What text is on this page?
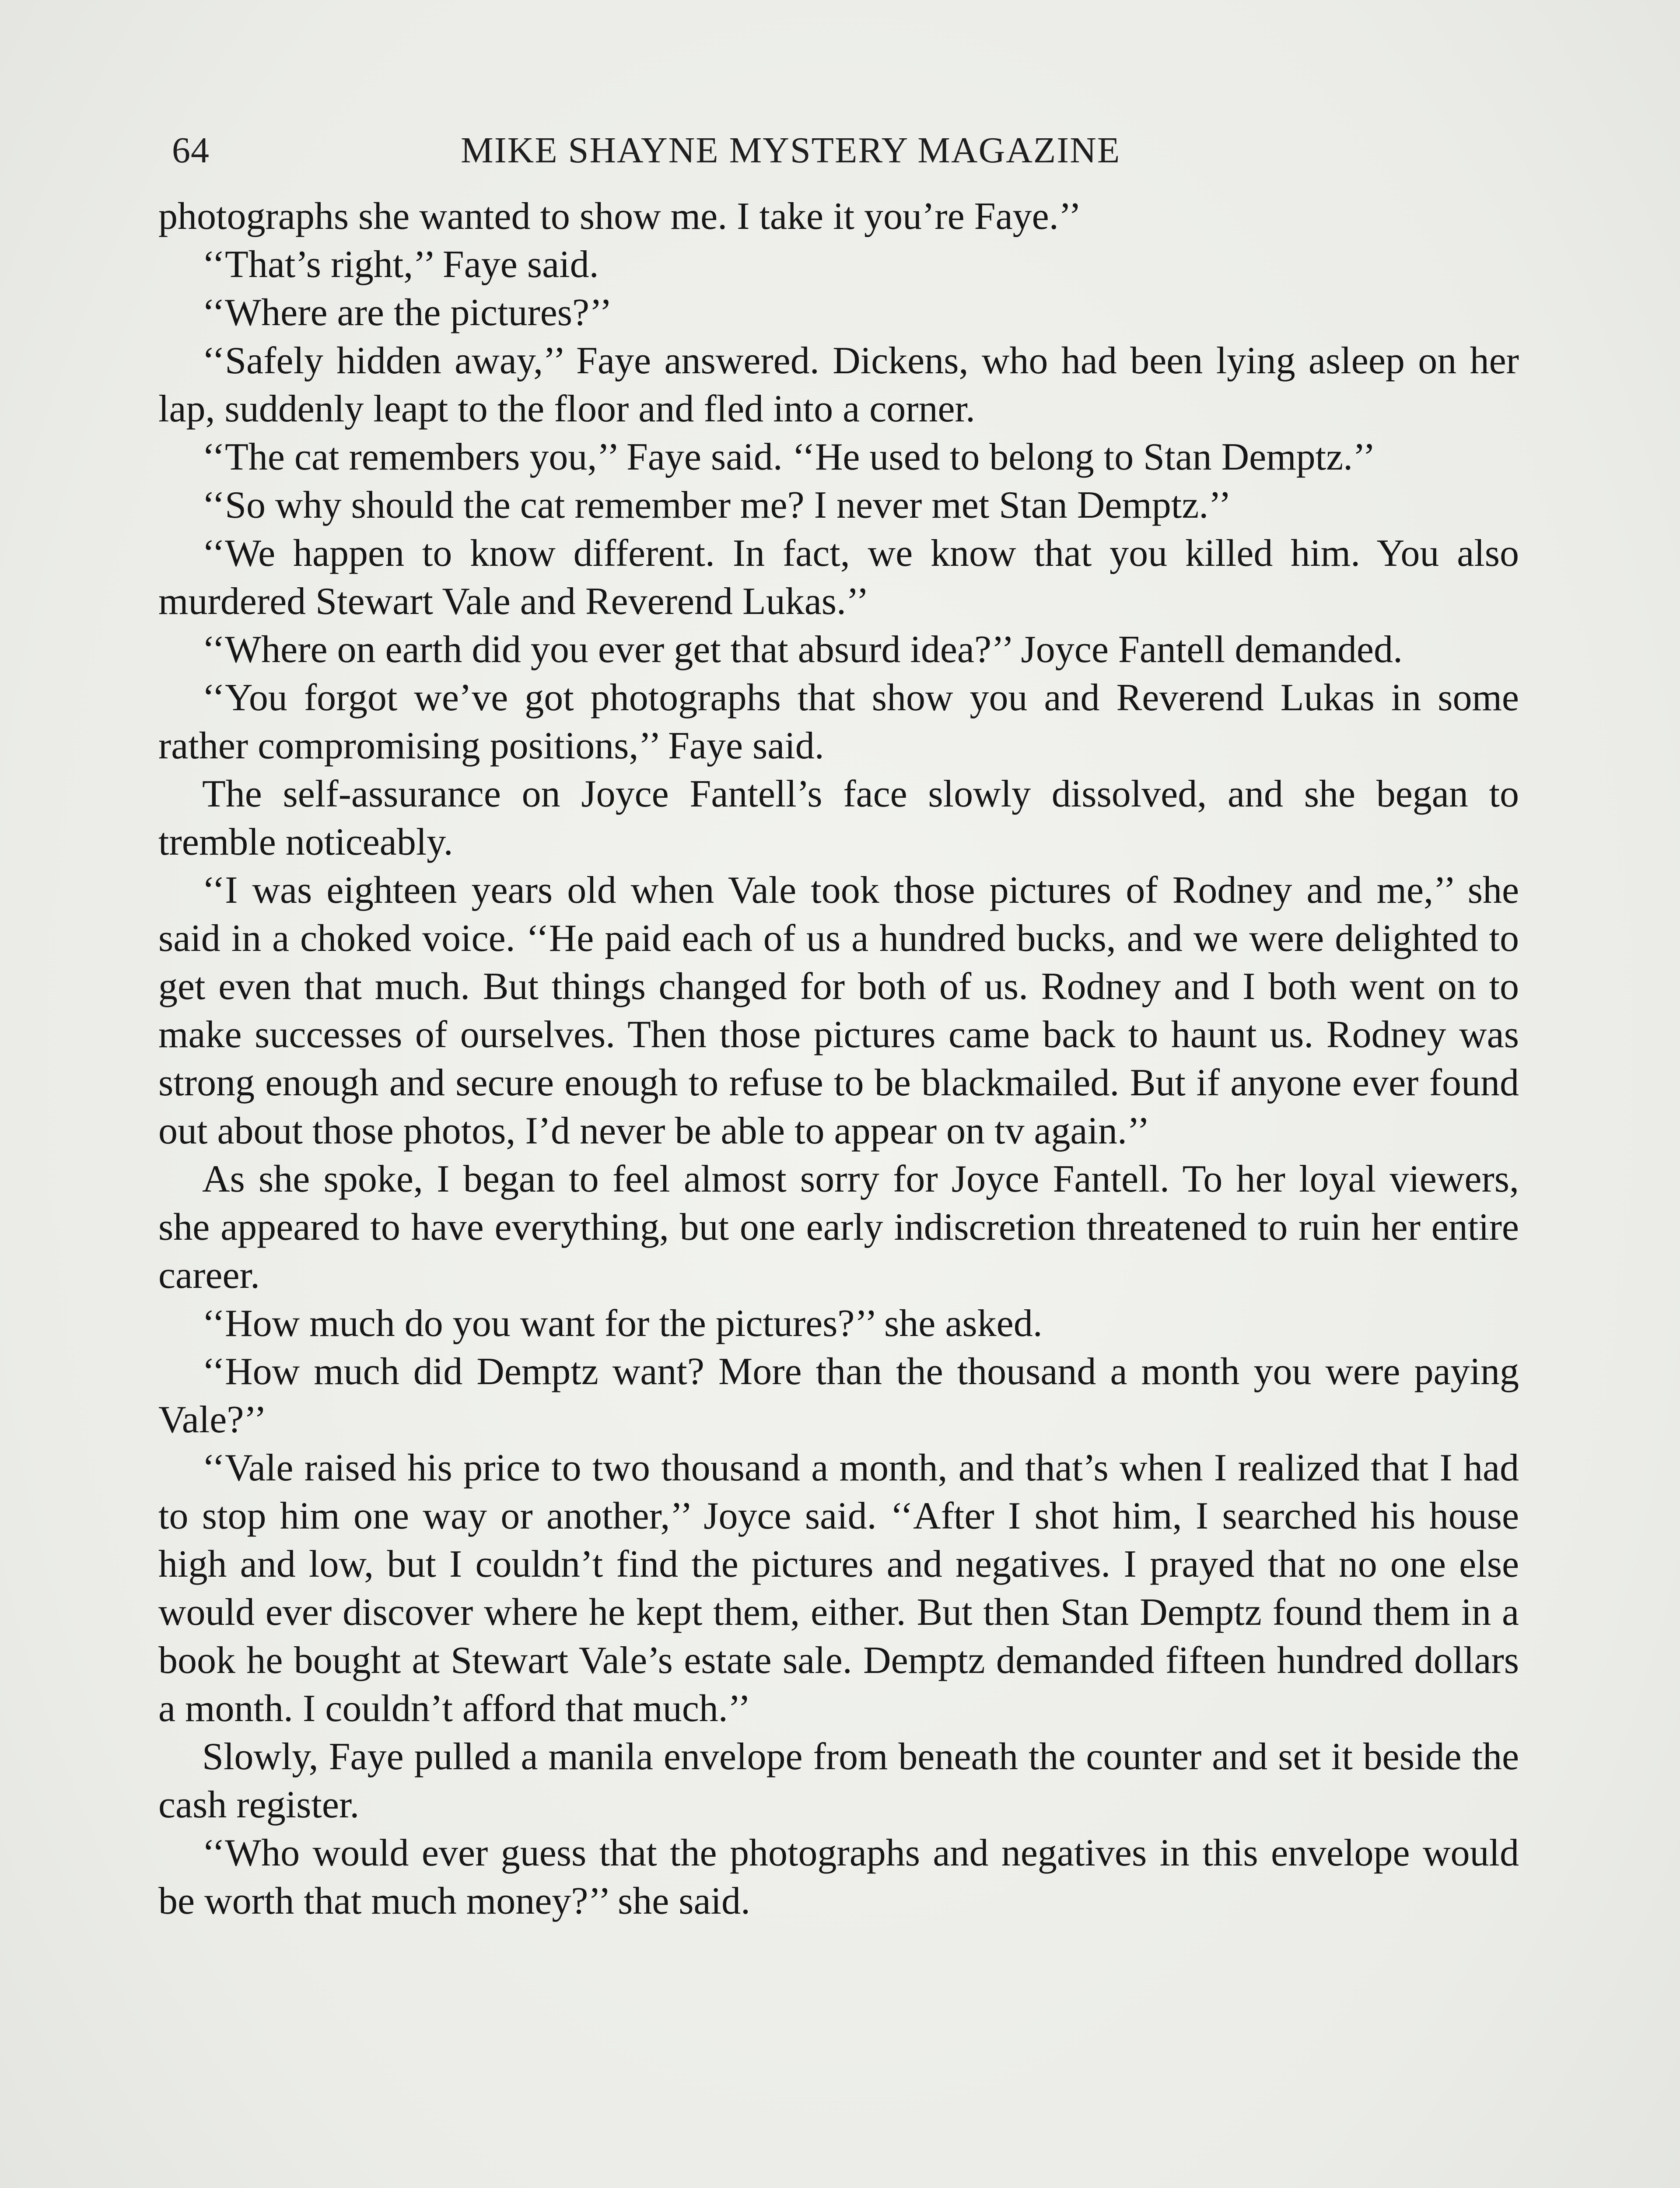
64	MIKE SHAYNE MYSTERY MAGAZINE

photographs she wanted to show me. I take it you’re Faye.’’

‘‘That’s right,’’ Faye said.

‘‘Where are the pictures?’’

‘‘Safely hidden away,’’ Faye answered. Dickens, who had been lying asleep on her lap, suddenly leapt to the floor and fled into a corner.

‘‘The cat remembers you,’’ Faye said. ‘‘He used to belong to Stan Demptz.’’

‘‘So why should the cat remember me? I never met Stan Demptz.’’

‘‘We happen to know different. In fact, we know that you killed him. You also murdered Stewart Vale and Reverend Lukas.’’

‘‘Where on earth did you ever get that absurd idea?’’ Joyce Fantell demanded.

‘‘You forgot we’ve got photographs that show you and Reverend Lukas in some rather compromising positions,’’ Faye said.

The self-assurance on Joyce Fantell’s face slowly dissolved, and she began to tremble noticeably.

‘‘I was eighteen years old when Vale took those pictures of Rodney and me,’’ she said in a choked voice. ‘‘He paid each of us a hundred bucks, and we were delighted to get even that much. But things changed for both of us. Rodney and I both went on to make successes of ourselves. Then those pictures came back to haunt us. Rodney was strong enough and secure enough to refuse to be blackmailed. But if anyone ever found out about those photos, I’d never be able to appear on tv again.’’

As she spoke, I began to feel almost sorry for Joyce Fantell. To her loyal viewers, she appeared to have everything, but one early indiscretion threatened to ruin her entire career.

‘‘How much do you want for the pictures?’’ she asked.

‘‘How much did Demptz want? More than the thousand a month you were paying Vale?’’

‘‘Vale raised his price to two thousand a month, and that’s when I realized that I had to stop him one way or another,’’ Joyce said. ‘‘After I shot him, I searched his house high and low, but I couldn’t find the pictures and negatives. I prayed that no one else would ever discover where he kept them, either. But then Stan Demptz found them in a book he bought at Stewart Vale’s estate sale. Demptz demanded fifteen hundred dollars a month. I couldn’t afford that much.’’

Slowly, Faye pulled a manila envelope from beneath the counter and set it beside the cash register.

‘‘Who would ever guess that the photographs and negatives in this envelope would be worth that much money?’’ she said.
